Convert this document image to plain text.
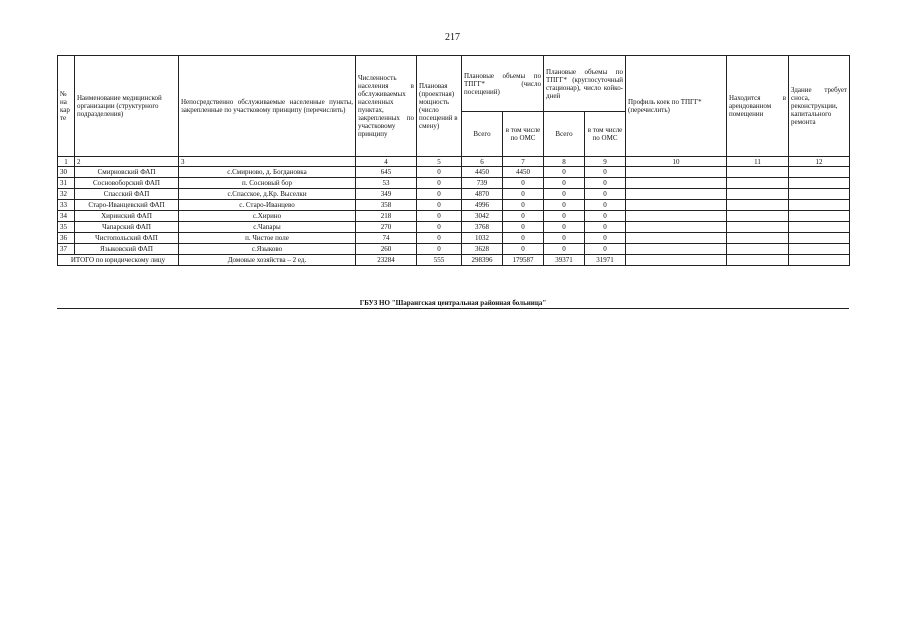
217
№ на кар те	Наименование медицинской организации (структурного подразделения)	Непосредственно обслуживаемые населенные пункты, закрепленные по участковому принципу (перечислить)	Численность населения в обслуживаемых населенных пунктах, закрепленных по участковому принципу	Плановая (проектная) мощность (число посещений в смену)	Плановые объемы по ТПГГ* (число посещений)		Плановые объемы по ТПГГ* (круглосуточный стационар), число койко-дней		Профиль коек по ТПГГ* (перечислить)	Находится в арендованном помещении	Здание требует сноса, реконструкции, капитального ремонта
					Всего	в том числе по ОМС	Всего	в том числе по ОМС			
1	2	3	4	5	6	7	8	9	10	11	12
30	Смирновский ФАП	с.Смирново, д. Богдановка	645	0	4450	4450	0	0			
31	Сосновоборский ФАП	п. Сосновый бор	53	0	739	0	0	0			
32	Спасский ФАП	с.Спасское, д.Кр. Выселки	349	0	4870	0	0	0			
33	Старо-Иванцевский ФАП	с. Старо-Иванцево	358	0	4996	0	0	0			
34	Хиринский ФАП	с.Хирино	218	0	3042	0	0	0			
35	Чапарский ФАП	с.Чапары	270	0	3768	0	0	0			
36	Чистопольский ФАП	п. Чистое поле	74	0	1032	0	0	0			
37	Языковский ФАП	с.Языково	260	0	3628	0	0	0			
ИТОГО по юридическому лицу		Домовые хозяйства – 2 ед.	23284	555	298396	179587	39371	31971			
ГБУЗ НО "Шарангская центральная районная больница"
